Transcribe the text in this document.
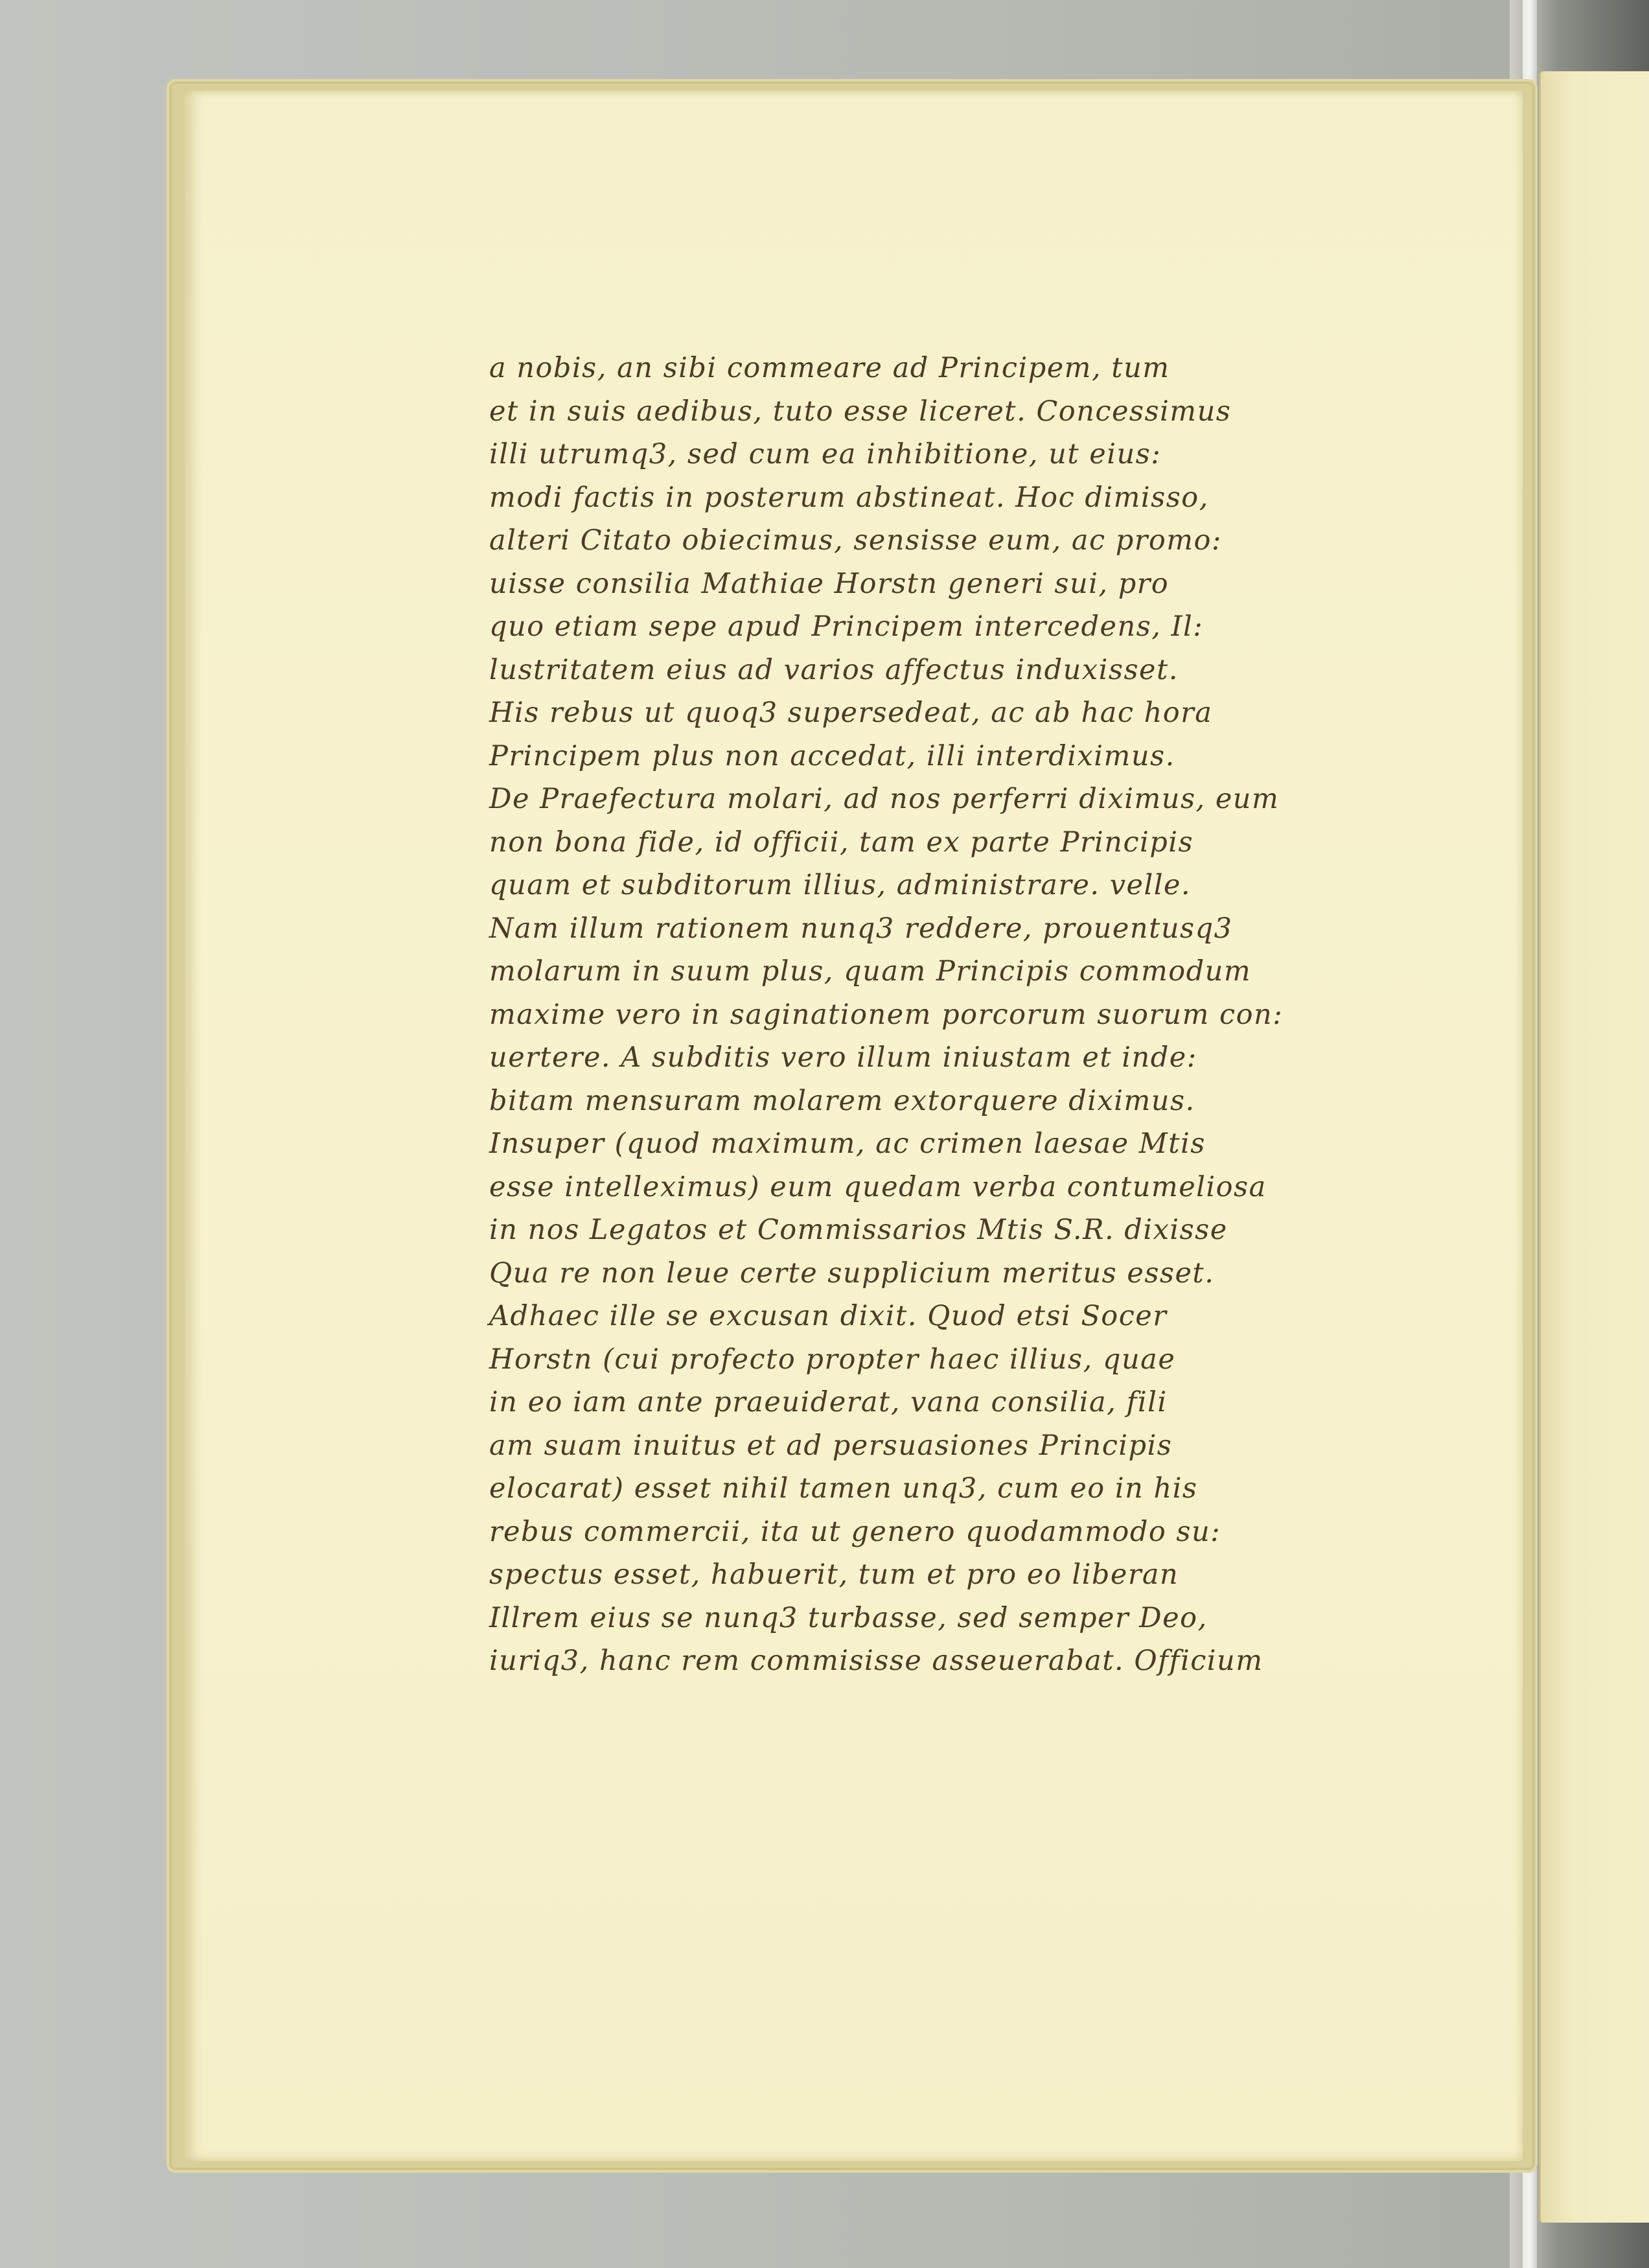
a nobis, an sibi commeare ad Principem, tum
et in suis aedibus, tuto esse liceret. Concessimus
illi utrumq3, sed cum ea inhibitione, ut eius:
modi factis in posterum abstineat. Hoc dimisso,
alteri Citato obiecimus, sensisse eum, ac promo:
uisse consilia Mathiae Horstn generi sui, pro
quo etiam sepe apud Principem intercedens, Il:
lustritatem eius ad varios affectus induxisset.
His rebus ut quoq3 supersedeat, ac ab hac hora
Principem plus non accedat, illi interdiximus.
De Praefectura molari, ad nos perferri diximus, eum
non bona fide, id officii, tam ex parte Principis
quam et subditorum illius, administrare. velle.
Nam illum rationem nunq3 reddere, prouentusq3
molarum in suum plus, quam Principis commodum
maxime vero in saginationem porcorum suorum con:
uertere. A subditis vero illum iniustam et inde:
bitam mensuram molarem extorquere diximus.
Insuper (quod maximum, ac crimen laesae Mtis
esse intelleximus) eum quedam verba contumeliosa
in nos Legatos et Commissarios Mtis S.R. dixisse
Qua re non leue certe supplicium meritus esset.
Adhaec ille se excusan dixit. Quod etsi Socer
Horstn (cui profecto propter haec illius, quae
in eo iam ante praeuiderat, vana consilia, fili
am suam inuitus et ad persuasiones Principis
elocarat) esset nihil tamen unq3, cum eo in his
rebus commercii, ita ut genero quodammodo su:
spectus esset, habuerit, tum et pro eo liberan
Illrem eius se nunq3 turbasse, sed semper Deo,
iuriq3, hanc rem commisisse asseuerabat. Officium
